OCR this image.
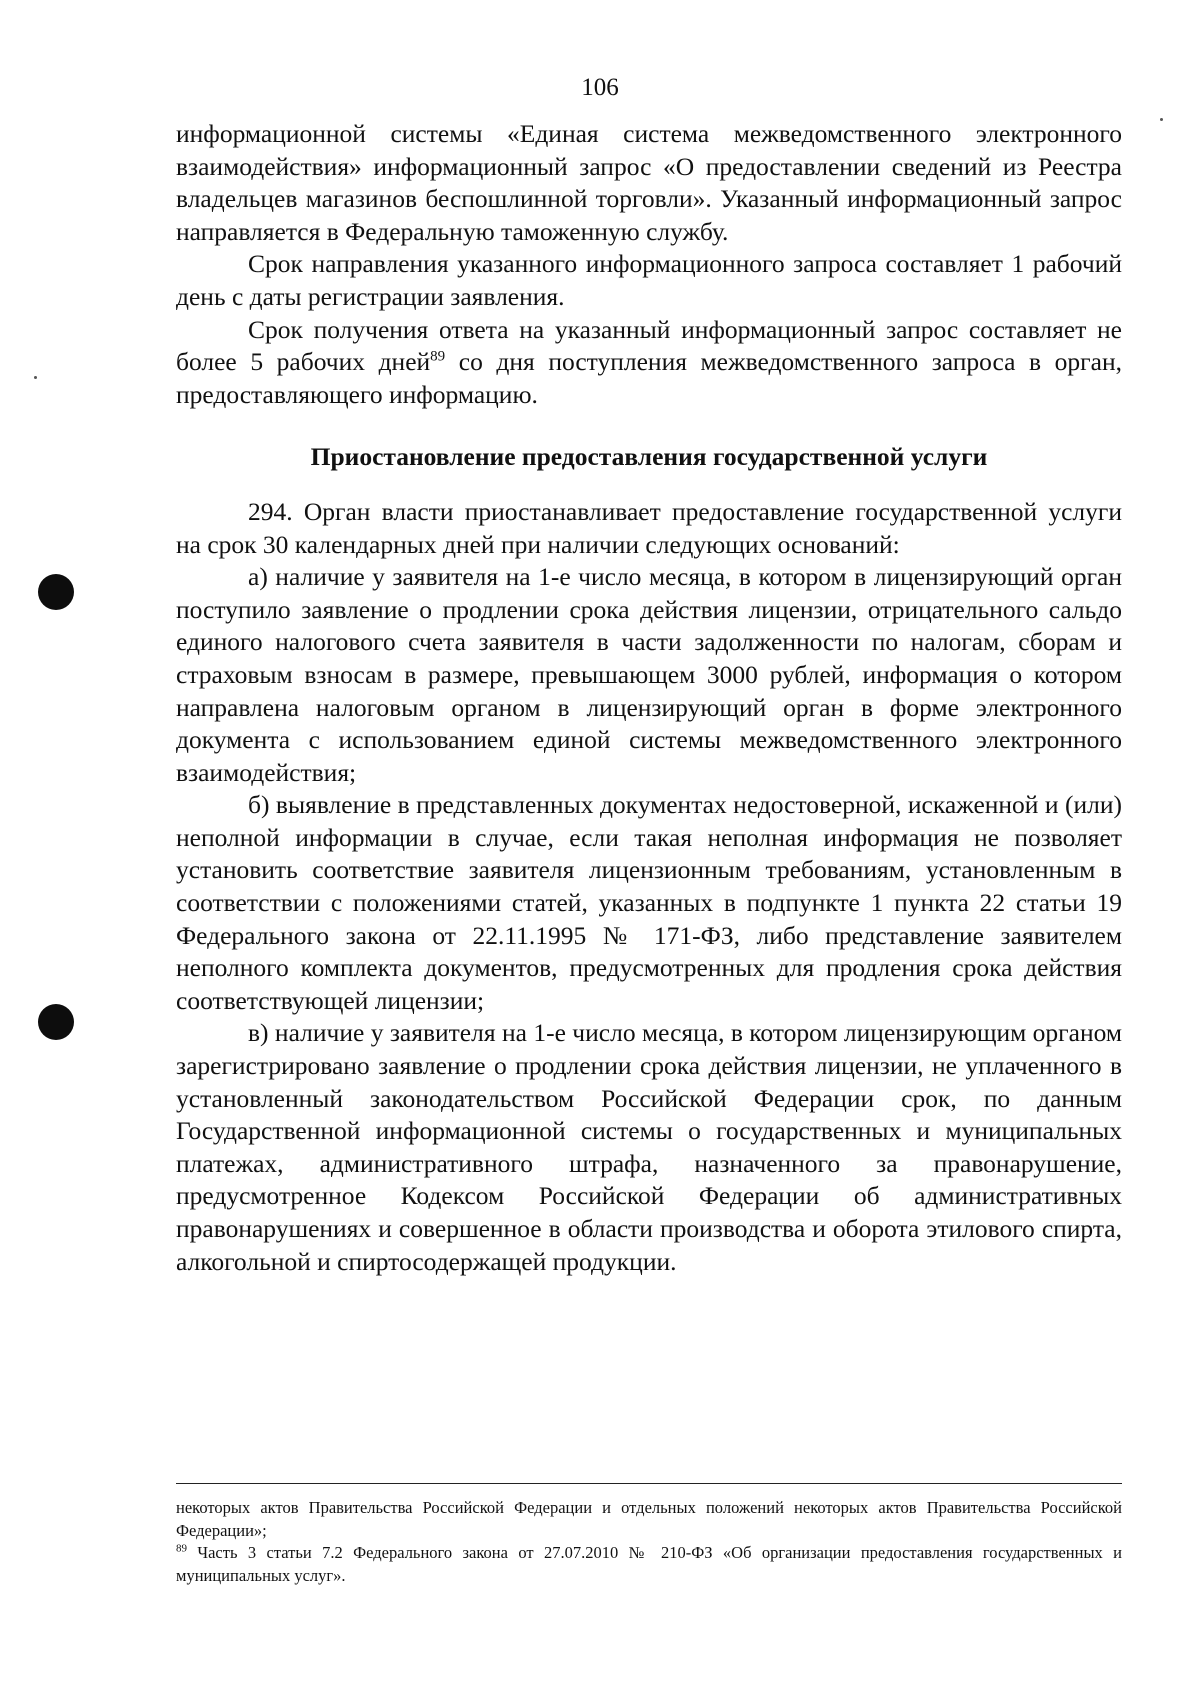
106

информационной системы «Единая система межведомственного электронного взаимодействия» информационный запрос «О предоставлении сведений из Реестра владельцев магазинов беспошлинной торговли». Указанный информационный запрос направляется в Федеральную таможенную службу.

Срок направления указанного информационного запроса составляет 1 рабочий день с даты регистрации заявления.

Срок получения ответа на указанный информационный запрос составляет не более 5 рабочих дней$^{89}$ со дня поступления межведомственного запроса в орган, предоставляющего информацию.

Приостановление предоставления государственной услуги

294. Орган власти приостанавливает предоставление государственной услуги на срок 30 календарных дней при наличии следующих оснований:

а) наличие у заявителя на 1-е число месяца, в котором в лицензирующий орган поступило заявление о продлении срока действия лицензии, отрицательного сальдо единого налогового счета заявителя в части задолженности по налогам, сборам и страховым взносам в размере, превышающем 3000 рублей, информация о котором направлена налоговым органом в лицензирующий орган в форме электронного документа с использованием единой системы межведомственного электронного взаимодействия;

б) выявление в представленных документах недостоверной, искаженной и (или) неполной информации в случае, если такая неполная информация не позволяет установить соответствие заявителя лицензионным требованиям, установленным в соответствии с положениями статей, указанных в подпункте 1 пункта 22 статьи 19 Федерального закона от 22.11.1995 № 171-ФЗ, либо представление заявителем неполного комплекта документов, предусмотренных для продления срока действия соответствующей лицензии;

в) наличие у заявителя на 1-е число месяца, в котором лицензирующим органом зарегистрировано заявление о продлении срока действия лицензии, не уплаченного в установленный законодательством Российской Федерации срок, по данным Государственной информационной системы о государственных и муниципальных платежах, административного штрафа, назначенного за правонарушение, предусмотренное Кодексом Российской Федерации об административных правонарушениях и совершенное в области производства и оборота этилового спирта, алкогольной и спиртосодержащей продукции.

некоторых актов Правительства Российской Федерации и отдельных положений некоторых актов Правительства Российской Федерации»;

$^{89}$ Часть 3 статьи 7.2 Федерального закона от 27.07.2010 № 210-ФЗ «Об организации предоставления государственных и муниципальных услуг».
